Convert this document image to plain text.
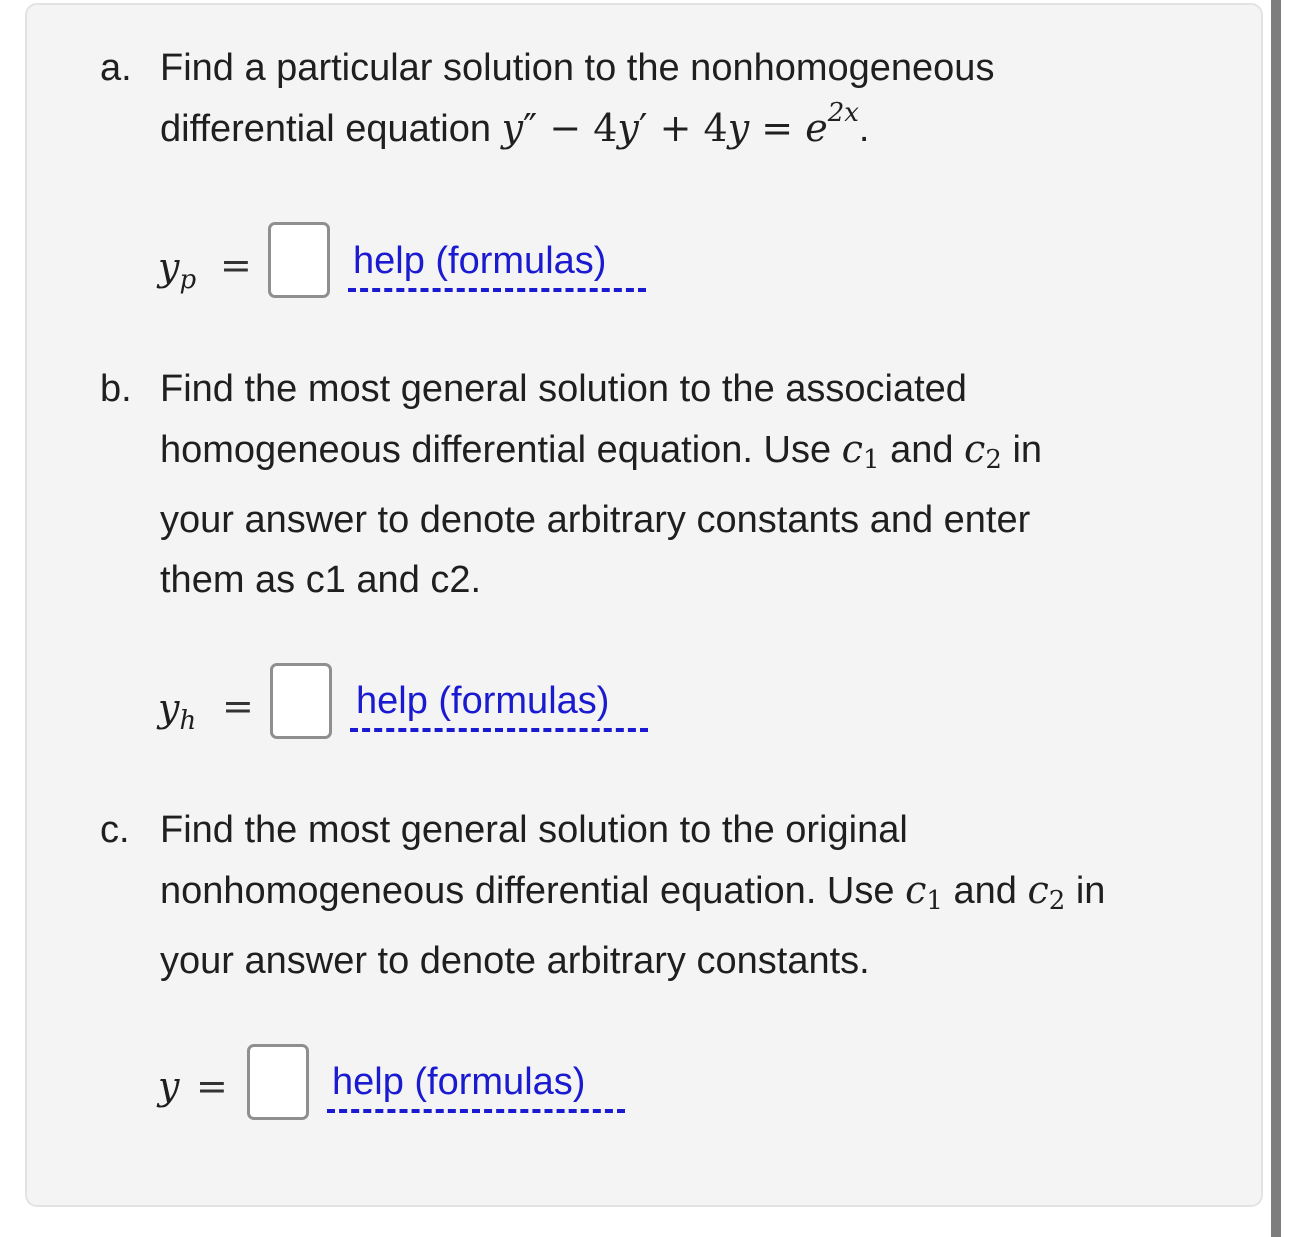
a. Find a particular solution to the nonhomogeneous
differential equation $y'' - 4y' + 4y = e^{2x}$.
$y_p$ =	help (formulas)
b. Find the most general solution to the associated
homogeneous differential equation. Use $c_1$ and $c_2$ in
your answer to denote arbitrary constants and enter
them as c1 and c2.
$y_h$ =	help (formulas)
c. Find the most general solution to the original
nonhomogeneous differential equation. Use $c_1$ and $c_2$ in
your answer to denote arbitrary constants.
y =	help (formulas)
